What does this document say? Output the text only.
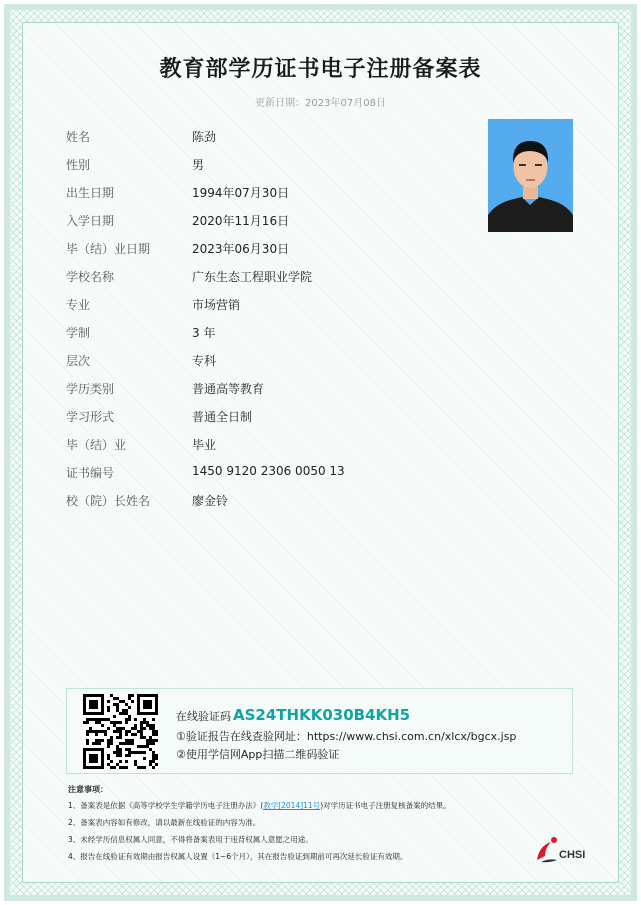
教育部学历证书电子注册备案表
更新日期：2023年07月08日
姓名	陈劲
性别	男
出生日期	1994年07月30日
入学日期	2020年11月16日
毕（结）业日期	2023年06月30日
学校名称	广东生态工程职业学院
专业	市场营销
学制	3 年
层次	专科
学历类别	普通高等教育
学习形式	普通全日制
毕（结）业	毕业
证书编号	1450 9120 2306 0050 13
校（院）长姓名	廖金铃
在线验证码 AS24THKK030B4KH5
①验证报告在线查验网址：https://www.chsi.com.cn/xlcx/bgcx.jsp
②使用学信网App扫描二维码验证
注意事项：
1、备案表是依据《高等学校学生学籍学历电子注册办法》(教学[2014]11号)对学历证书电子注册复核备案的结果。
2、备案表内容如有修改，请以最新在线验证的内容为准。
3、未经学历信息权属人同意，不得将备案表用于违背权属人意愿之用途。
4、报告在线验证有效期由报告权属人设置（1~6个月），其在报告验证到期前可再次延长验证有效期。	CHSI
